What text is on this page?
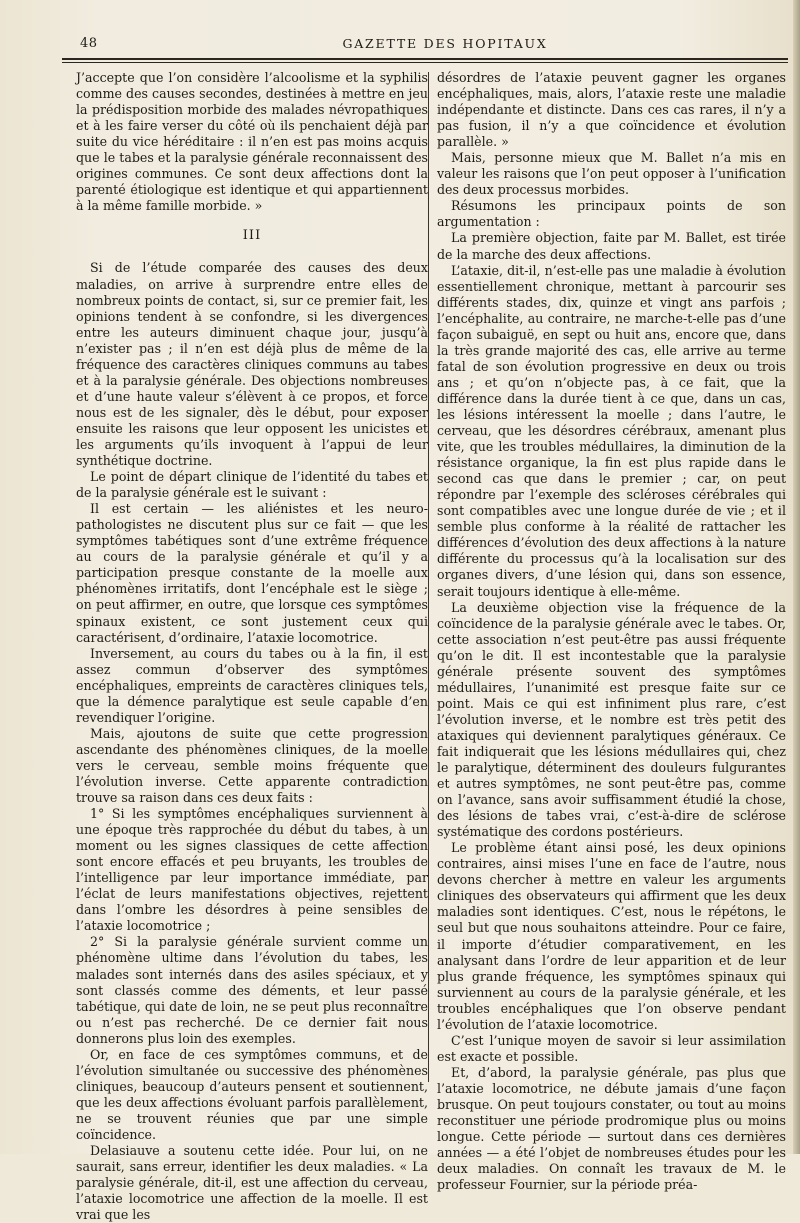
48	GAZETTE DES HOPITAUX

J’accepte que l’on considère l’alcoolisme et la syphilis comme des causes secondes, destinées à mettre en jeu la prédisposition morbide des malades névropathiques et à les faire verser du côté où ils penchaient déjà par suite du vice héréditaire : il n’en est pas moins acquis que le tabes et la paralysie générale reconnaissent des origines communes. Ce sont deux affections dont la parenté étiologique est identique et qui appartiennent à la même famille morbide. »

III

Si de l’étude comparée des causes des deux maladies, on arrive à surprendre entre elles de nombreux points de contact, si, sur ce premier fait, les opinions tendent à se confondre, si les divergences entre les auteurs diminuent chaque jour, jusqu’à n’exister pas ; il n’en est déjà plus de même de la fréquence des caractères cliniques communs au tabes et à la paralysie générale. Des objections nombreuses et d’une haute valeur s’élèvent à ce propos, et force nous est de les signaler, dès le début, pour exposer ensuite les raisons que leur opposent les unicistes et les arguments qu’ils invoquent à l’appui de leur synthétique doctrine.

Le point de départ clinique de l’identité du tabes et de la paralysie générale est le suivant :

Il est certain — les aliénistes et les neuro-pathologistes ne discutent plus sur ce fait — que les symptômes tabétiques sont d’une extrême fréquence au cours de la paralysie générale et qu’il y a participation presque constante de la moelle aux phénomènes irritatifs, dont l’encéphale est le siège ; on peut affirmer, en outre, que lorsque ces symptômes spinaux existent, ce sont justement ceux qui caractérisent, d’ordinaire, l’ataxie locomotrice.

Inversement, au cours du tabes ou à la fin, il est assez commun d’observer des symptômes encéphaliques, empreints de caractères cliniques tels, que la démence paralytique est seule capable d’en revendiquer l’origine.

Mais, ajoutons de suite que cette progression ascendante des phénomènes cliniques, de la moelle vers le cerveau, semble moins fréquente que l’évolution inverse. Cette apparente contradiction trouve sa raison dans ces deux faits :

1° Si les symptômes encéphaliques surviennent à une époque très rapprochée du début du tabes, à un moment ou les signes classiques de cette affection sont encore effacés et peu bruyants, les troubles de l’intelligence par leur importance immédiate, par l’éclat de leurs manifestations objectives, rejettent dans l’ombre les désordres à peine sensibles de l’ataxie locomotrice ;

2° Si la paralysie générale survient comme un phénomène ultime dans l’évolution du tabes, les malades sont internés dans des asiles spéciaux, et y sont classés comme des déments, et leur passé tabétique, qui date de loin, ne se peut plus reconnaître ou n’est pas recherché. De ce dernier fait nous donnerons plus loin des exemples.

Or, en face de ces symptômes communs, et de l’évolution simultanée ou successive des phénomènes cliniques, beaucoup d’auteurs pensent et soutiennent, que les deux affections évoluant parfois parallèlement, ne se trouvent réunies que par une simple coïncidence.

Delasiauve a soutenu cette idée. Pour lui, on ne saurait, sans erreur, identifier les deux maladies. « La paralysie générale, dit-il, est une affection du cerveau, l’ataxie locomotrice une affection de la moelle. Il est vrai que les

désordres de l’ataxie peuvent gagner les organes encéphaliques, mais, alors, l’ataxie reste une maladie indépendante et distincte. Dans ces cas rares, il n’y a pas fusion, il n’y a que coïncidence et évolution parallèle. »

Mais, personne mieux que M. Ballet n’a mis en valeur les raisons que l’on peut opposer à l’unification des deux processus morbides.

Résumons les principaux points de son argumentation :

La première objection, faite par M. Ballet, est tirée de la marche des deux affections.

L’ataxie, dit-il, n’est-elle pas une maladie à évolution essentiellement chronique, mettant à parcourir ses différents stades, dix, quinze et vingt ans parfois ; l’encéphalite, au contraire, ne marche-t-elle pas d’une façon subaiguë, en sept ou huit ans, encore que, dans la très grande majorité des cas, elle arrive au terme fatal de son évolution progressive en deux ou trois ans ; et qu’on n’objecte pas, à ce fait, que la différence dans la durée tient à ce que, dans un cas, les lésions intéressent la moelle ; dans l’autre, le cerveau, que les désordres cérébraux, amenant plus vite, que les troubles médullaires, la diminution de la résistance organique, la fin est plus rapide dans le second cas que dans le premier ; car, on peut répondre par l’exemple des scléroses cérébrales qui sont compatibles avec une longue durée de vie ; et il semble plus conforme à la réalité de rattacher les différences d’évolution des deux affections à la nature différente du processus qu’à la localisation sur des organes divers, d’une lésion qui, dans son essence, serait toujours identique à elle-même.

La deuxième objection vise la fréquence de la coïncidence de la paralysie générale avec le tabes. Or, cette association n’est peut-être pas aussi fréquente qu’on le dit. Il est incontestable que la paralysie générale présente souvent des symptômes médullaires, l’unanimité est presque faite sur ce point. Mais ce qui est infiniment plus rare, c’est l’évolution inverse, et le nombre est très petit des ataxiques qui deviennent paralytiques généraux. Ce fait indiquerait que les lésions médullaires qui, chez le paralytique, déterminent des douleurs fulgurantes et autres symptômes, ne sont peut-être pas, comme on l’avance, sans avoir suffisamment étudié la chose, des lésions de tabes vrai, c’est-à-dire de sclérose systématique des cordons postérieurs.

Le problème étant ainsi posé, les deux opinions contraires, ainsi mises l’une en face de l’autre, nous devons chercher à mettre en valeur les arguments cliniques des observateurs qui affirment que les deux maladies sont identiques. C’est, nous le répétons, le seul but que nous souhaitons atteindre. Pour ce faire, il importe d’étudier comparativement, en les analysant dans l’ordre de leur apparition et de leur plus grande fréquence, les symptômes spinaux qui surviennent au cours de la paralysie générale, et les troubles encéphaliques que l’on observe pendant l’évolution de l’ataxie locomotrice.

C’est l’unique moyen de savoir si leur assimilation est exacte et possible.

Et, d’abord, la paralysie générale, pas plus que l’ataxie locomotrice, ne débute jamais d’une façon brusque. On peut toujours constater, ou tout au moins reconstituer une période prodromique plus ou moins longue. Cette période — surtout dans ces dernières années — a été l’objet de nombreuses études pour les deux maladies. On connaît les travaux de M. le professeur Fournier, sur la période préa-
